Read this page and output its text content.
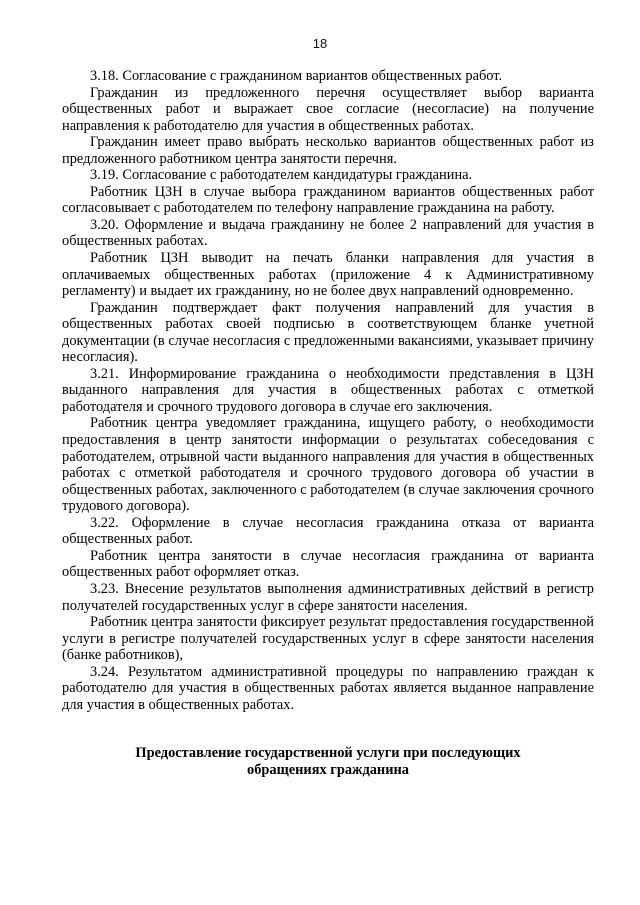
18

3.18. Согласование с гражданином вариантов общественных работ.

Гражданин из предложенного перечня осуществляет выбор варианта общественных работ и выражает свое согласие (несогласие) на получение направления к работодателю для участия в общественных работах.

Гражданин имеет право выбрать несколько вариантов общественных работ из предложенного работником центра занятости перечня.

3.19. Согласование с работодателем кандидатуры гражданина.

Работник ЦЗН в случае выбора гражданином вариантов общественных работ согласовывает с работодателем по телефону направление гражданина на работу.

3.20. Оформление и выдача гражданину не более 2 направлений для участия в общественных работах.

Работник ЦЗН выводит на печать бланки направления для участия в оплачиваемых общественных работах (приложение 4 к Административному регламенту) и выдает их гражданину, но не более двух направлений одновременно.

Гражданин подтверждает факт получения направлений для участия в общественных работах своей подписью в соответствующем бланке учетной документации (в случае несогласия с предложенными вакансиями, указывает причину несогласия).

3.21. Информирование гражданина о необходимости представления в ЦЗН выданного направления для участия в общественных работах с отметкой работодателя и срочного трудового договора в случае его заключения.

Работник центра уведомляет гражданина, ищущего работу, о необходимости предоставления в центр занятости информации о результатах собеседования с работодателем, отрывной части выданного направления для участия в общественных работах с отметкой работодателя и срочного трудового договора об участии в общественных работах, заключенного с работодателем (в случае заключения срочного трудового договора).

3.22. Оформление в случае несогласия гражданина отказа от варианта общественных работ.

Работник центра занятости в случае несогласия гражданина от варианта общественных работ оформляет отказ.

3.23. Внесение результатов выполнения административных действий в регистр получателей государственных услуг в сфере занятости населения.

Работник центра занятости фиксирует результат предоставления государственной услуги в регистре получателей государственных услуг в сфере занятости населения (банке работников),

3.24. Результатом административной процедуры по направлению граждан к работодателю для участия в общественных работах является выданное направление для участия в общественных работах.

Предоставление государственной услуги при последующих
обращениях гражданина
